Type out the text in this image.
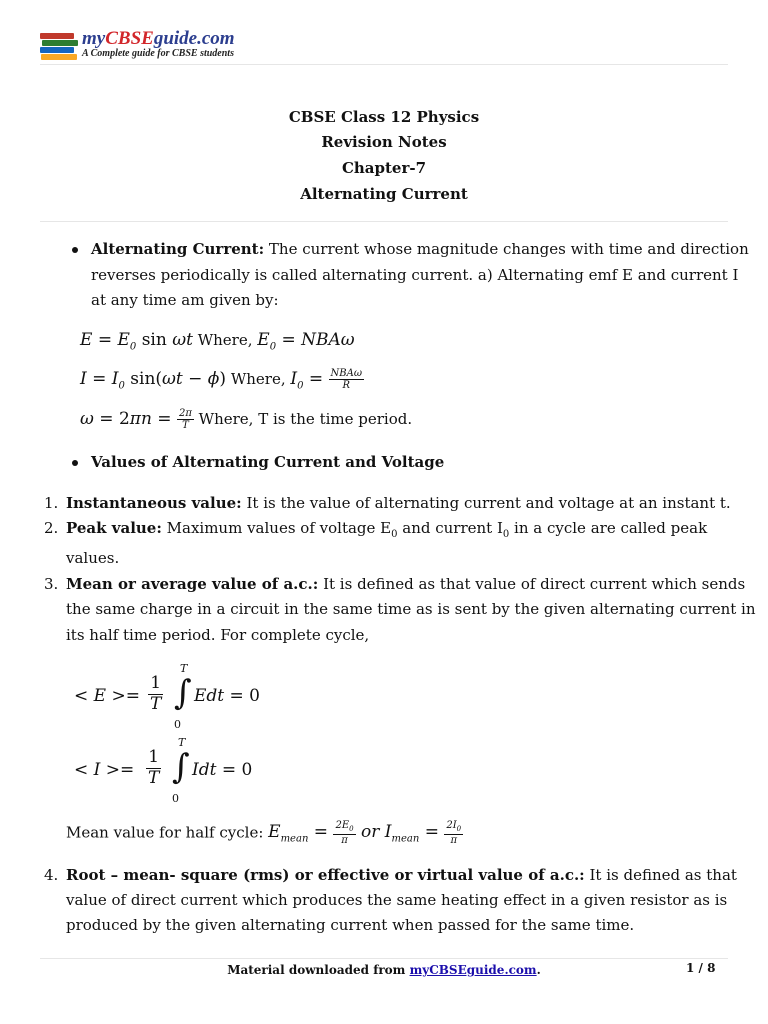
myCBSEguide.com
A Complete guide for CBSE students
CBSE Class 12 Physics
Revision Notes
Chapter-7
Alternating Current
Alternating Current: The current whose magnitude changes with time and direction
reverses periodically is called alternating current. a) Alternating emf E and current I
at any time am given by:
$E = E_0$ sin ωt Where, $E_0 = NBA\omega$
$I = I_0$ sin(ωt − ϕ) Where, $I_0 = \frac{\text{NBAω}}{R}$
$\omega = 2\pi n = \frac{2\pi}{T}$ Where, T is the time period.
Values of Alternating Current and Voltage
1. Instantaneous value: It is the value of alternating current and voltage at an instant t.
2. Peak value: Maximum values of voltage $E_0$ and current $I_0$ in a cycle are called peak
values.
3. Mean or average value of a.c.: It is defined as that value of direct current which sends
the same charge in a circuit in the same time as is sent by the given alternating current in
its half time period. For complete cycle,
< E >=
1
T
T
∫
0
Edt = 0
< I >=
1
T
T
∫
0
Idt = 0
Mean value for half cycle: $E_{mean} = \frac{2E_0}{\pi}$ or $I_{mean} = \frac{2I_0}{\pi}$
4. Root – mean- square (rms) or effective or virtual value of a.c.: It is defined as that
value of direct current which produces the same heating effect in a given resistor as is
produced by the given alternating current when passed for the same time.
Material downloaded from myCBSEguide.com.	1 / 8
